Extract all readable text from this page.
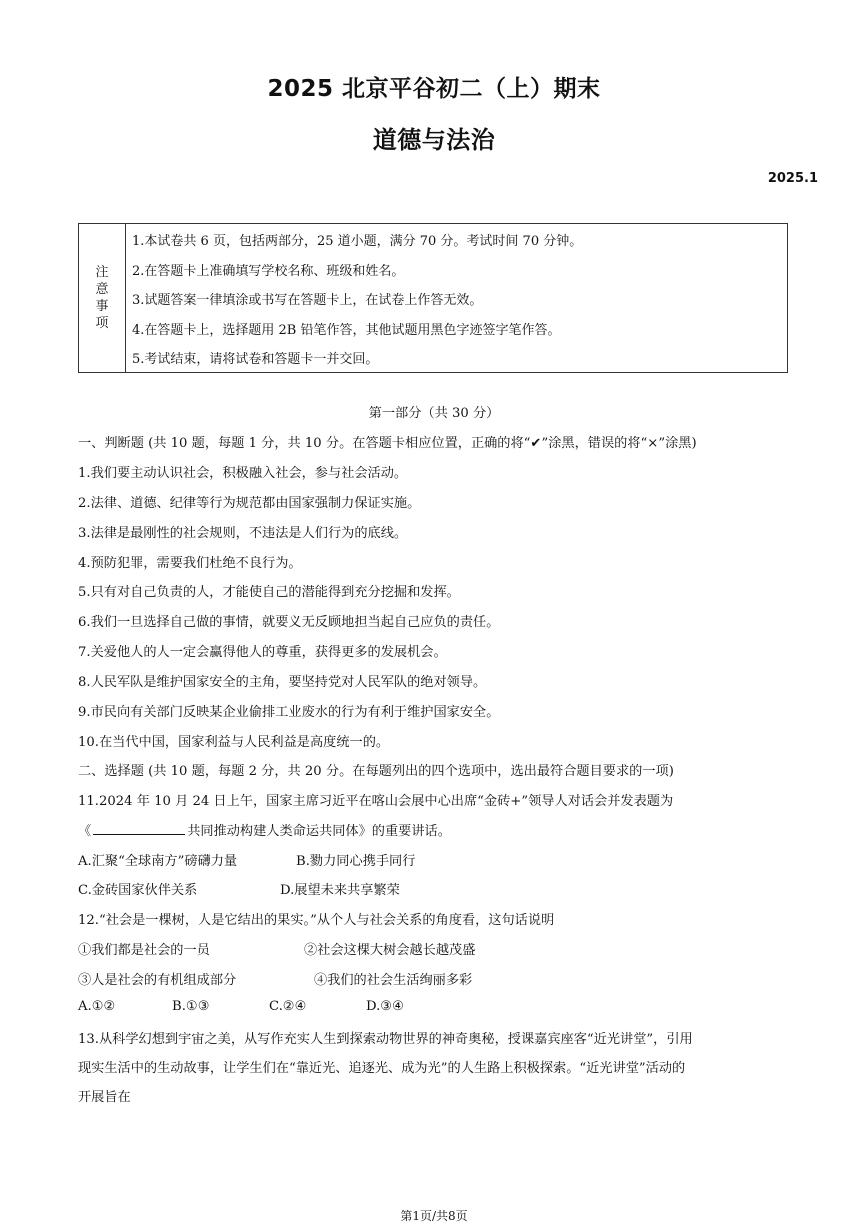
2025 北京平谷初二（上）期末
道德与法治
2025.1
注
意
事
项
1.本试卷共 6 页，包括两部分，25 道小题，满分 70 分。考试时间 70 分钟。
2.在答题卡上准确填写学校名称、班级和姓名。
3.试题答案一律填涂或书写在答题卡上，在试卷上作答无效。
4.在答题卡上，选择题用 2B 铅笔作答，其他试题用黑色字迹签字笔作答。
5.考试结束，请将试卷和答题卡一并交回。
第一部分（共 30 分）
一、判断题 (共 10 题，每题 1 分，共 10 分。在答题卡相应位置，正确的将“✔”涂黑，错误的将“×”涂黑)
1.我们要主动认识社会，积极融入社会，参与社会活动。
2.法律、道德、纪律等行为规范都由国家强制力保证实施。
3.法律是最刚性的社会规则，不违法是人们行为的底线。
4.预防犯罪，需要我们杜绝不良行为。
5.只有对自己负责的人，才能使自己的潜能得到充分挖掘和发挥。
6.我们一旦选择自己做的事情，就要义无反顾地担当起自己应负的责任。
7.关爱他人的人一定会赢得他人的尊重，获得更多的发展机会。
8.人民军队是维护国家安全的主角，要坚持党对人民军队的绝对领导。
9.市民向有关部门反映某企业偷排工业废水的行为有利于维护国家安全。
10.在当代中国，国家利益与人民利益是高度统一的。
二、选择题 (共 10 题，每题 2 分，共 20 分。在每题列出的四个选项中，选出最符合题目要求的一项)
11.2024 年 10 月 24 日上午，国家主席习近平在喀山会展中心出席“金砖+”领导人对话会并发表题为
《	共同推动构建人类命运共同体》的重要讲话。
A.汇聚“全球南方”磅礴力量	B.勠力同心携手同行
C.金砖国家伙伴关系	D.展望未来共享繁荣
12.“社会是一棵树，人是它结出的果实。”从个人与社会关系的角度看，这句话说明
①我们都是社会的一员	②社会这棵大树会越长越茂盛
③人是社会的有机组成部分	④我们的社会生活绚丽多彩
A.①②	B.①③	C.②④	D.③④
13.从科学幻想到宇宙之美，从写作充实人生到探索动物世界的神奇奥秘，授课嘉宾座客“近光讲堂”，引用
现实生活中的生动故事，让学生们在“靠近光、追逐光、成为光”的人生路上积极探索。“近光讲堂”活动的
开展旨在
第1页/共8页
